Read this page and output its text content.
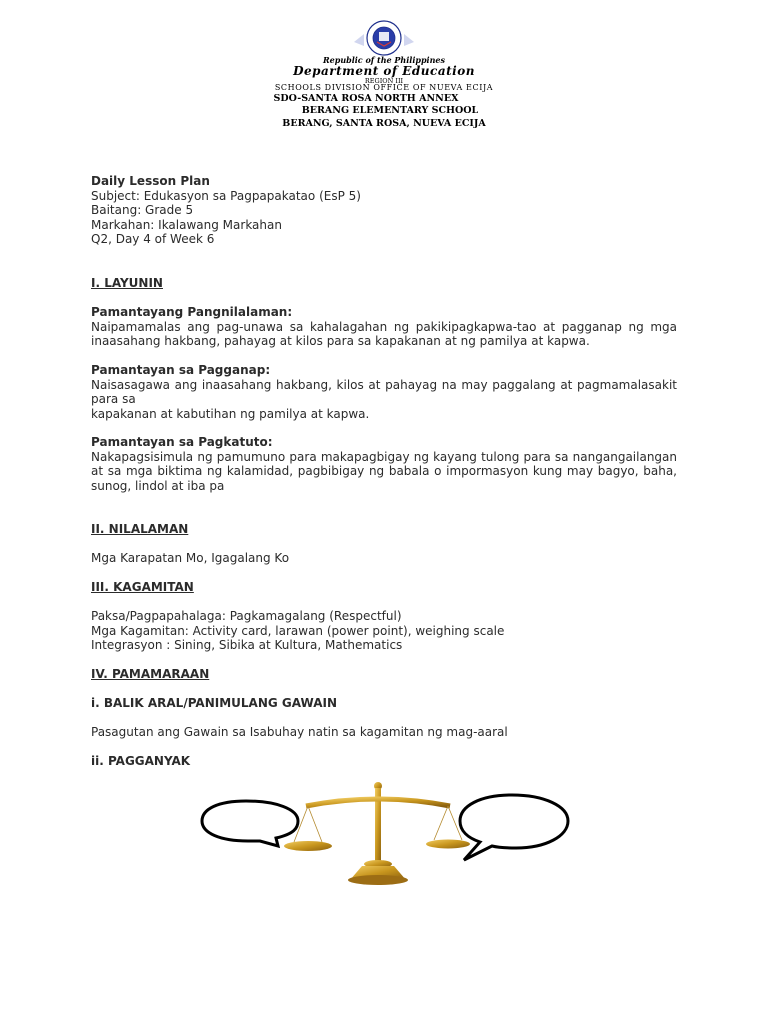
Republic of the Philippines
Department of Education
REGION III
SCHOOLS DIVISION OFFICE OF NUEVA ECIJA
SDO-SANTA ROSA NORTH ANNEX
BERANG ELEMENTARY SCHOOL
BERANG, SANTA ROSA, NUEVA ECIJA

Daily Lesson Plan

Subject: Edukasyon sa Pagpapakatao (EsP 5)

Baitang: Grade 5

Markahan: Ikalawang Markahan

Q2, Day 4 of Week 6

I. LAYUNIN

Pamantayang Pangnilalaman:

Naipamamalas ang pag-unawa sa kahalagahan ng pakikipagkapwa-tao at pagganap ng mga inaasahang hakbang, pahayag at kilos para sa kapakanan at ng pamilya at kapwa.

Pamantayan sa Pagganap:

Naisasagawa ang inaasahang hakbang, kilos at pahayag na may paggalang at pagmamalasakit para sa

kapakanan at kabutihan ng pamilya at kapwa.

Pamantayan sa Pagkatuto:

Nakapagsisimula ng pamumuno para makapagbigay ng kayang tulong para sa nangangailangan at sa mga biktima ng kalamidad, pagbibigay ng babala o impormasyon kung may bagyo, baha, sunog, lindol at iba pa

II. NILALAMAN

Mga Karapatan Mo, Igagalang Ko

III. KAGAMITAN

Paksa/Pagpapahalaga: Pagkamagalang (Respectful)

Mga Kagamitan: Activity card, larawan (power point), weighing scale

Integrasyon : Sining, Sibika at Kultura, Mathematics

IV. PAMAMARAAN

i. BALIK ARAL/PANIMULANG GAWAIN

Pasagutan ang Gawain sa Isabuhay natin sa kagamitan ng mag-aaral

ii. PAGGANYAK
